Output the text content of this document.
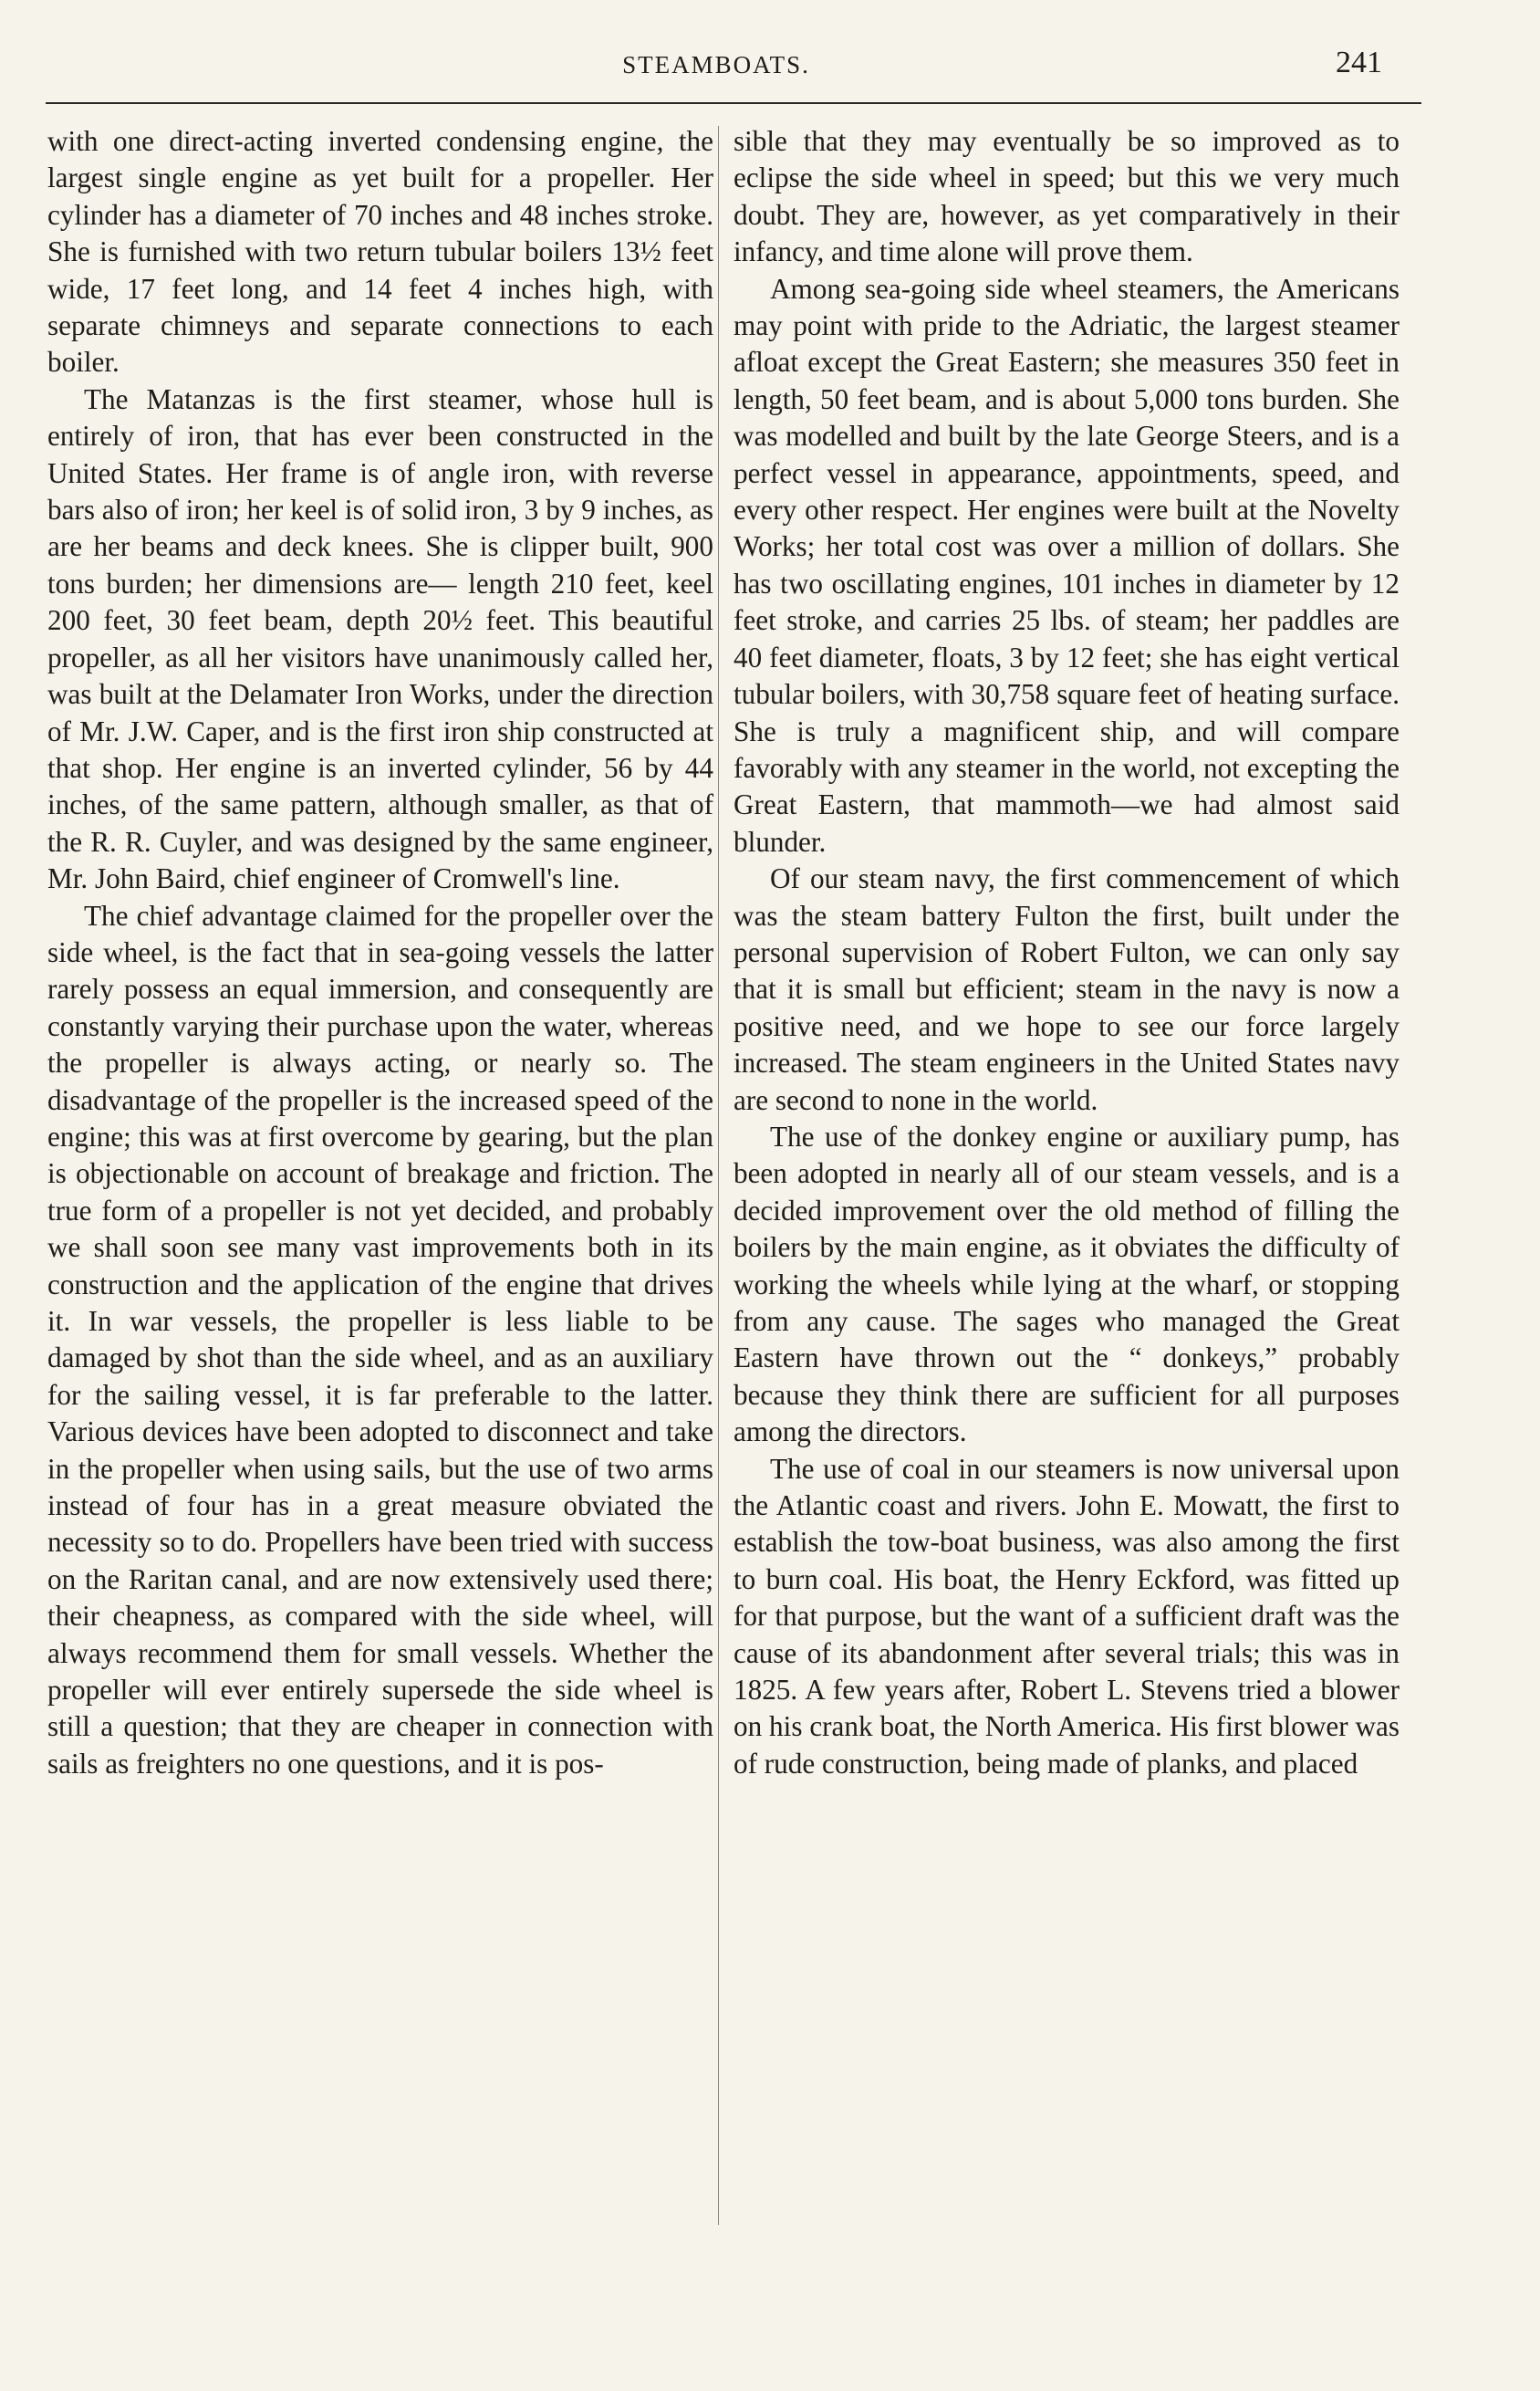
STEAMBOATS.	241

with one direct-acting inverted condensing engine, the largest single engine as yet built for a propeller. Her cylinder has a diameter of 70 inches and 48 inches stroke. She is furnished with two return tubular boilers 13½ feet wide, 17 feet long, and 14 feet 4 inches high, with separate chimneys and separate connections to each boiler.

The Matanzas is the first steamer, whose hull is entirely of iron, that has ever been constructed in the United States. Her frame is of angle iron, with reverse bars also of iron; her keel is of solid iron, 3 by 9 inches, as are her beams and deck knees. She is clipper built, 900 tons burden; her dimensions are— length 210 feet, keel 200 feet, 30 feet beam, depth 20½ feet. This beautiful propeller, as all her visitors have unanimously called her, was built at the Delamater Iron Works, under the direction of Mr. J.W. Caper, and is the first iron ship constructed at that shop. Her engine is an inverted cylinder, 56 by 44 inches, of the same pattern, although smaller, as that of the R. R. Cuyler, and was designed by the same engineer, Mr. John Baird, chief engineer of Cromwell's line.

The chief advantage claimed for the propeller over the side wheel, is the fact that in sea-going vessels the latter rarely possess an equal immersion, and consequently are constantly varying their purchase upon the water, whereas the propeller is always acting, or nearly so. The disadvantage of the propeller is the increased speed of the engine; this was at first overcome by gearing, but the plan is objectionable on account of breakage and friction. The true form of a propeller is not yet decided, and probably we shall soon see many vast improvements both in its construction and the application of the engine that drives it. In war vessels, the propeller is less liable to be damaged by shot than the side wheel, and as an auxiliary for the sailing vessel, it is far preferable to the latter. Various devices have been adopted to disconnect and take in the propeller when using sails, but the use of two arms instead of four has in a great measure obviated the necessity so to do. Propellers have been tried with success on the Raritan canal, and are now extensively used there; their cheapness, as compared with the side wheel, will always recommend them for small vessels. Whether the propeller will ever entirely supersede the side wheel is still a question; that they are cheaper in connection with sails as freighters no one questions, and it is pos-

sible that they may eventually be so improved as to eclipse the side wheel in speed; but this we very much doubt. They are, however, as yet comparatively in their infancy, and time alone will prove them.

Among sea-going side wheel steamers, the Americans may point with pride to the Adriatic, the largest steamer afloat except the Great Eastern; she measures 350 feet in length, 50 feet beam, and is about 5,000 tons burden. She was modelled and built by the late George Steers, and is a perfect vessel in appearance, appointments, speed, and every other respect. Her engines were built at the Novelty Works; her total cost was over a million of dollars. She has two oscillating engines, 101 inches in diameter by 12 feet stroke, and carries 25 lbs. of steam; her paddles are 40 feet diameter, floats, 3 by 12 feet; she has eight vertical tubular boilers, with 30,758 square feet of heating surface. She is truly a magnificent ship, and will compare favorably with any steamer in the world, not excepting the Great Eastern, that mammoth—we had almost said blunder.

Of our steam navy, the first commencement of which was the steam battery Fulton the first, built under the personal supervision of Robert Fulton, we can only say that it is small but efficient; steam in the navy is now a positive need, and we hope to see our force largely increased. The steam engineers in the United States navy are second to none in the world.

The use of the donkey engine or auxiliary pump, has been adopted in nearly all of our steam vessels, and is a decided improvement over the old method of filling the boilers by the main engine, as it obviates the difficulty of working the wheels while lying at the wharf, or stopping from any cause. The sages who managed the Great Eastern have thrown out the “ donkeys,” probably because they think there are sufficient for all purposes among the directors.

The use of coal in our steamers is now universal upon the Atlantic coast and rivers. John E. Mowatt, the first to establish the tow-boat business, was also among the first to burn coal. His boat, the Henry Eckford, was fitted up for that purpose, but the want of a sufficient draft was the cause of its abandonment after several trials; this was in 1825. A few years after, Robert L. Stevens tried a blower on his crank boat, the North America. His first blower was of rude construction, being made of planks, and placed
